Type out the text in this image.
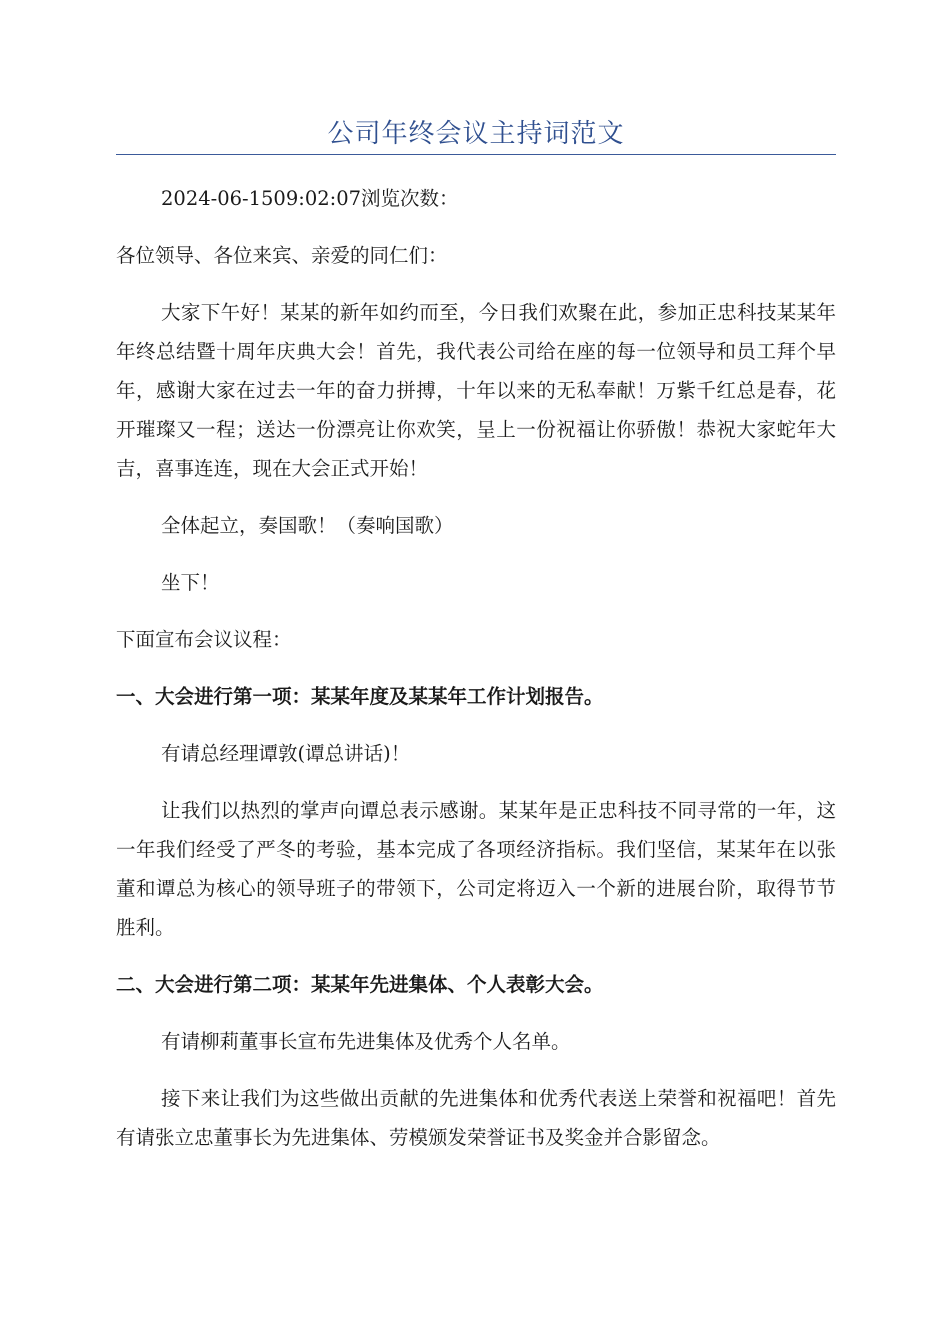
公司年终会议主持词范文

2024-06-1509:02:07浏览次数：

各位领导、各位来宾、亲爱的同仁们：

大家下午好！某某的新年如约而至，今日我们欢聚在此，参加正忠科技某某年年终总结暨十周年庆典大会！首先，我代表公司给在座的每一位领导和员工拜个早年，感谢大家在过去一年的奋力拼搏，十年以来的无私奉献！万紫千红总是春，花开璀璨又一程；送达一份漂亮让你欢笑，呈上一份祝福让你骄傲！恭祝大家蛇年大吉，喜事连连，现在大会正式开始！

全体起立，奏国歌！（奏响国歌）

坐下！

下面宣布会议议程：

一、大会进行第一项：某某年度及某某年工作计划报告。

有请总经理谭敦(谭总讲话)！

让我们以热烈的掌声向谭总表示感谢。某某年是正忠科技不同寻常的一年，这一年我们经受了严冬的考验，基本完成了各项经济指标。我们坚信，某某年在以张董和谭总为核心的领导班子的带领下，公司定将迈入一个新的进展台阶，取得节节胜利。

二、大会进行第二项：某某年先进集体、个人表彰大会。

有请柳莉董事长宣布先进集体及优秀个人名单。

接下来让我们为这些做出贡献的先进集体和优秀代表送上荣誉和祝福吧！首先有请张立忠董事长为先进集体、劳模颁发荣誉证书及奖金并合影留念。
